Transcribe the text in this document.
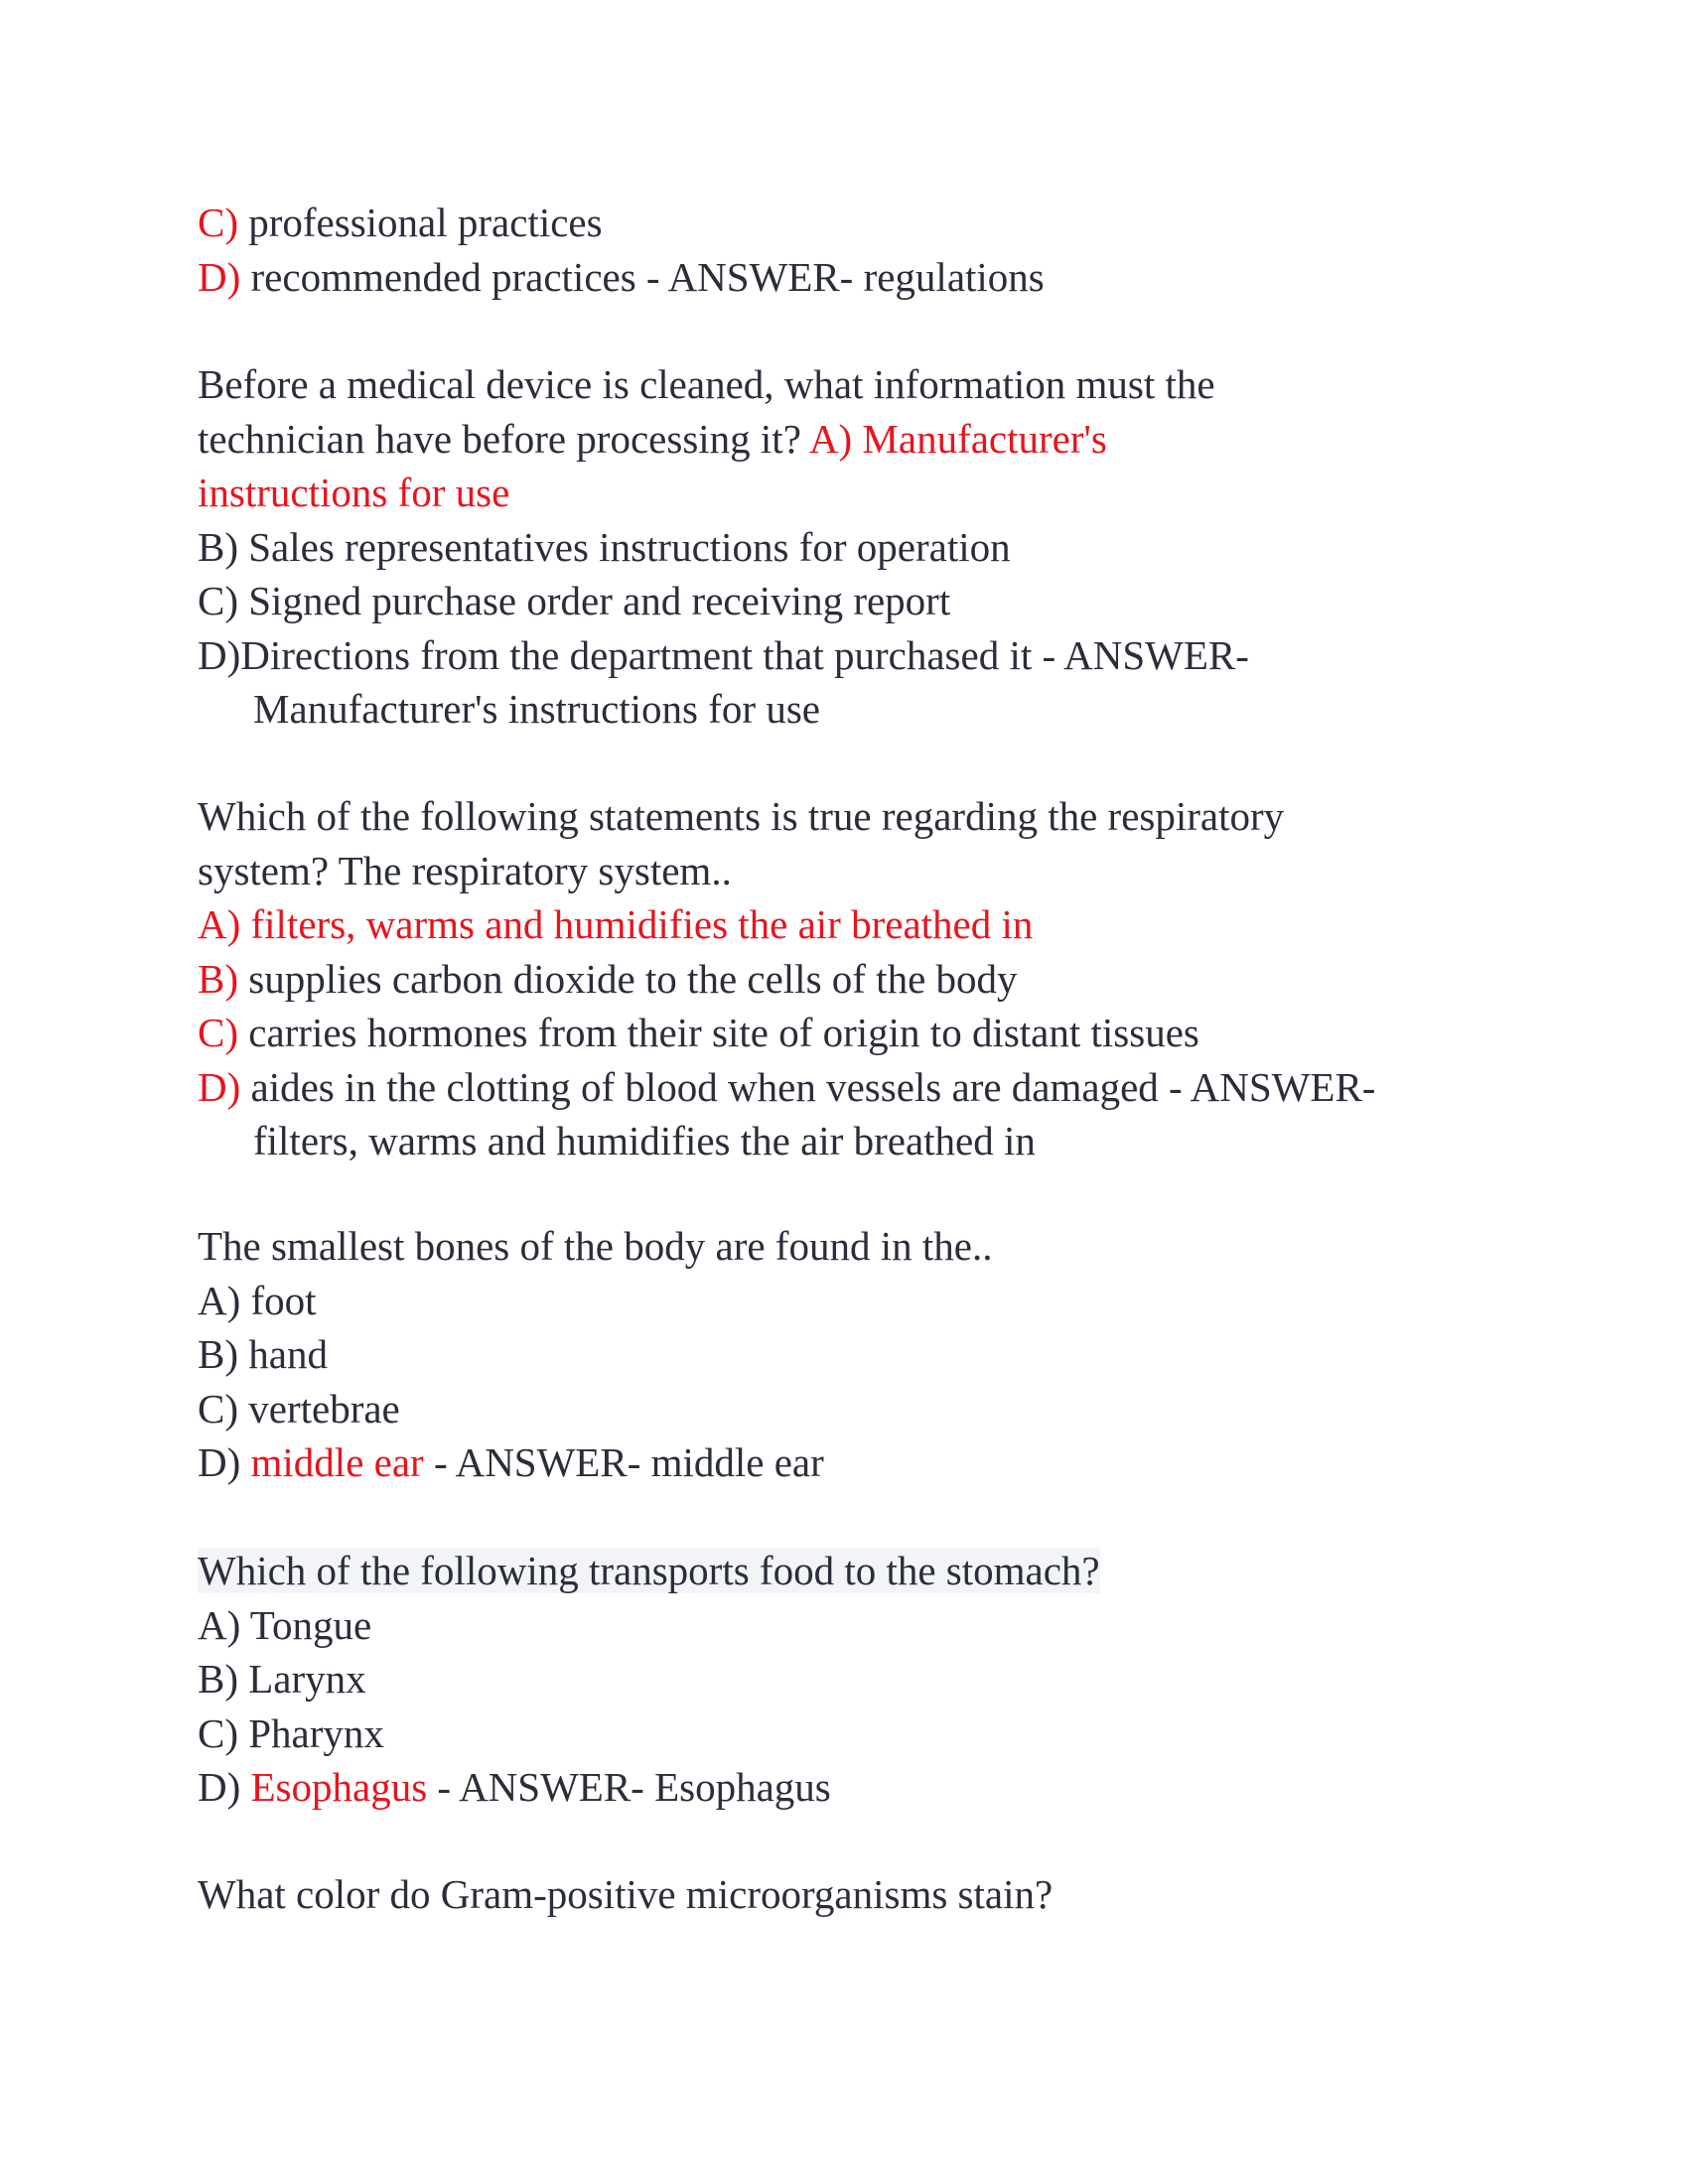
C) professional practices
D) recommended practices - ANSWER- regulations
Before a medical device is cleaned, what information must the
technician have before processing it? A) Manufacturer's
instructions for use
B) Sales representatives instructions for operation
C) Signed purchase order and receiving report
D)Directions from the department that purchased it - ANSWER-
Manufacturer's instructions for use
Which of the following statements is true regarding the respiratory
system? The respiratory system..
A) filters, warms and humidifies the air breathed in
B) supplies carbon dioxide to the cells of the body
C) carries hormones from their site of origin to distant tissues
D) aides in the clotting of blood when vessels are damaged - ANSWER-
filters, warms and humidifies the air breathed in
The smallest bones of the body are found in the..
A) foot
B) hand
C) vertebrae
D) middle ear - ANSWER- middle ear
Which of the following transports food to the stomach?
A) Tongue
B) Larynx
C) Pharynx
D) Esophagus - ANSWER- Esophagus
What color do Gram-positive microorganisms stain?
